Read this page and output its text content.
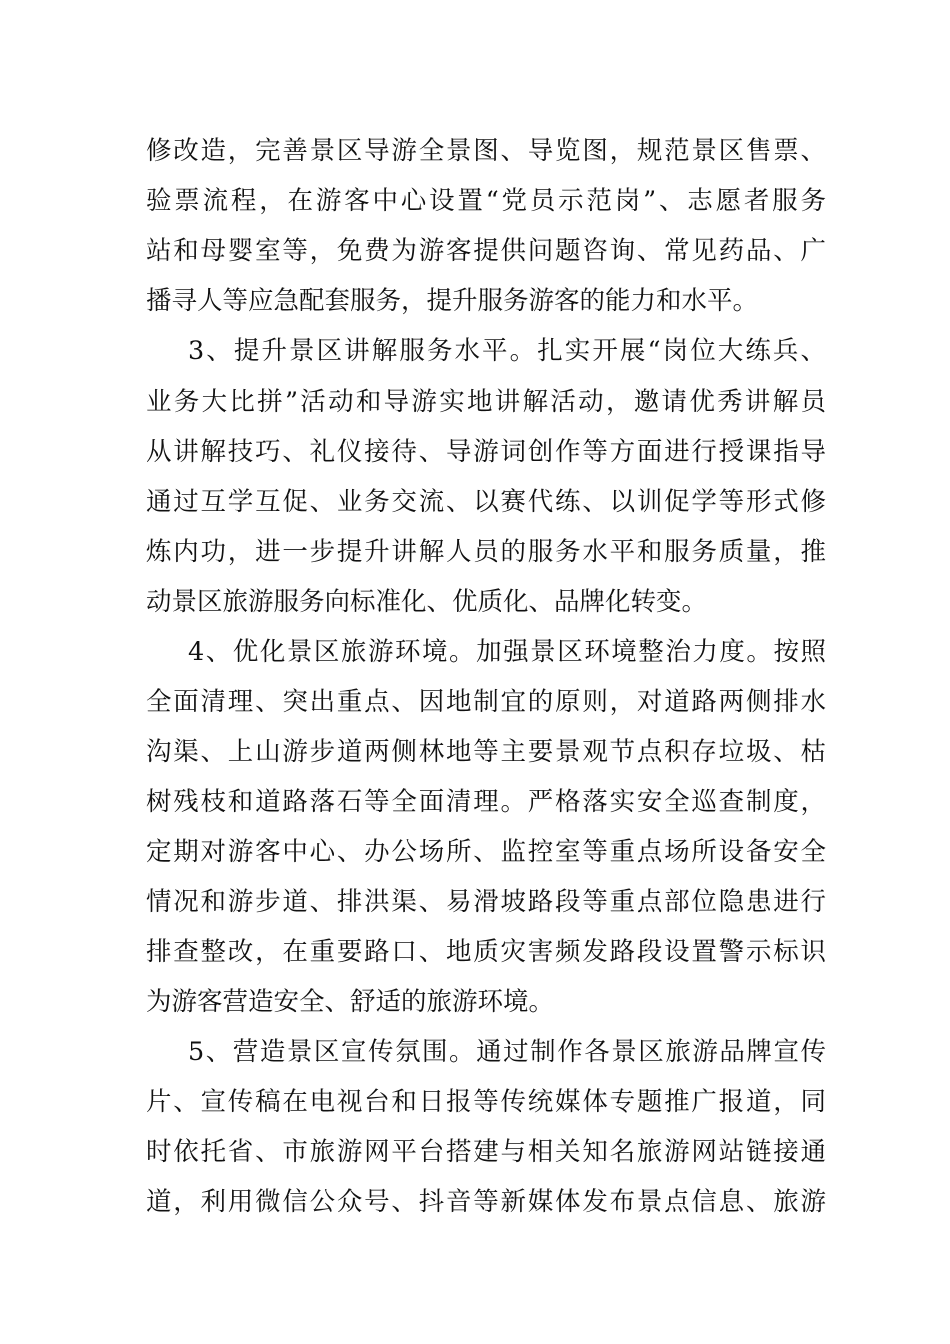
修改造，完善景区导游全景图、导览图，规范景区售票、
验票流程，在游客中心设置“党员示范岗”、志愿者服务
站和母婴室等，免费为游客提供问题咨询、常见药品、广
播寻人等应急配套服务，提升服务游客的能力和水平。
3、提升景区讲解服务水平。扎实开展“岗位大练兵、
业务大比拼”活动和导游实地讲解活动，邀请优秀讲解员
从讲解技巧、礼仪接待、导游词创作等方面进行授课指导
通过互学互促、业务交流、以赛代练、以训促学等形式修
炼内功，进一步提升讲解人员的服务水平和服务质量，推
动景区旅游服务向标准化、优质化、品牌化转变。
4、优化景区旅游环境。加强景区环境整治力度。按照
全面清理、突出重点、因地制宜的原则，对道路两侧排水
沟渠、上山游步道两侧林地等主要景观节点积存垃圾、枯
树残枝和道路落石等全面清理。严格落实安全巡查制度，
定期对游客中心、办公场所、监控室等重点场所设备安全
情况和游步道、排洪渠、易滑坡路段等重点部位隐患进行
排查整改，在重要路口、地质灾害频发路段设置警示标识
为游客营造安全、舒适的旅游环境。
5、营造景区宣传氛围。通过制作各景区旅游品牌宣传
片、宣传稿在电视台和日报等传统媒体专题推广报道，同
时依托省、市旅游网平台搭建与相关知名旅游网站链接通
道，利用微信公众号、抖音等新媒体发布景点信息、旅游
